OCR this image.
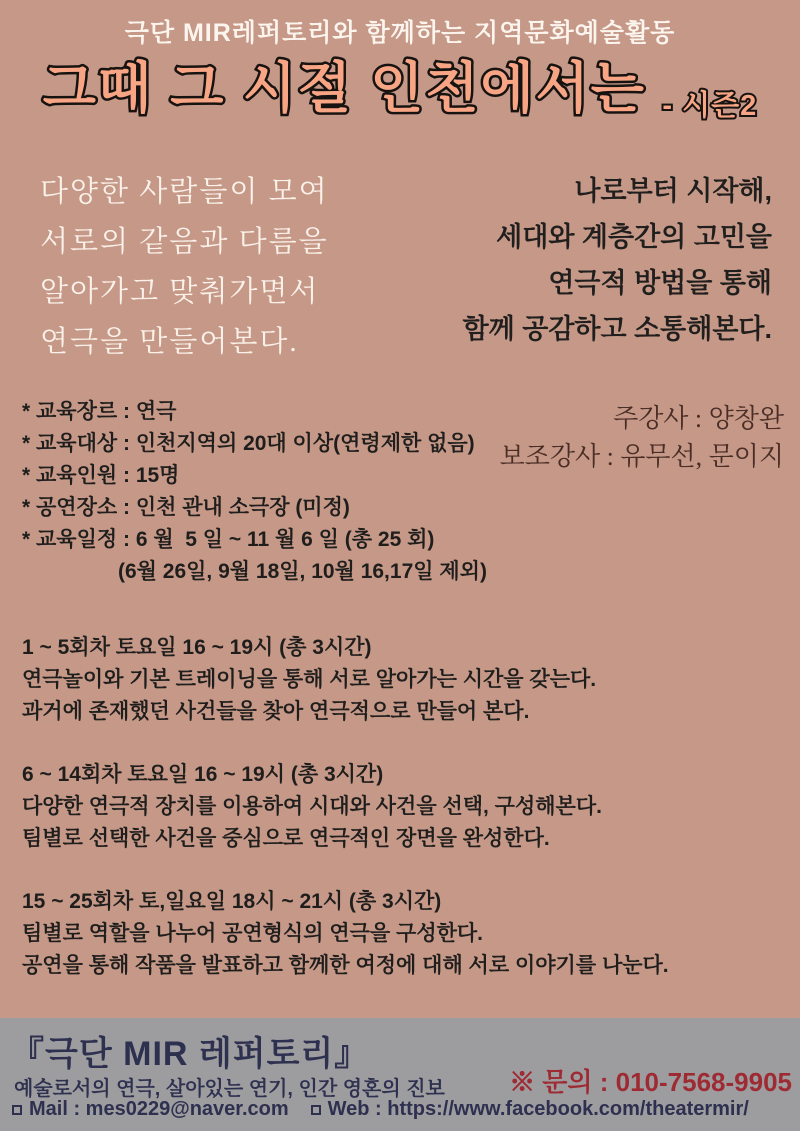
극단 MIR레퍼토리와 함께하는 지역문화예술활동
그때 그 시절 인천에서는 - 시즌2
다양한 사람들이 모여
서로의 같음과 다름을
알아가고 맞춰가면서
연극을 만들어본다.
나로부터 시작해,
세대와 계층간의 고민을
연극적 방법을 통해
함께 공감하고 소통해본다.
* 교육장르 : 연극
* 교육대상 : 인천지역의 20대 이상(연령제한 없음)
* 교육인원 : 15명
* 공연장소 : 인천 관내 소극장 (미정)
* 교육일정 : 6 월  5 일 ~ 11 월 6 일 (총 25 회)
(6월 26일, 9월 18일, 10월 16,17일 제외)
주강사 : 양창완
보조강사 : 유무선, 문이지
1 ~ 5회차 토요일 16 ~ 19시 (총 3시간)
연극놀이와 기본 트레이닝을 통해 서로 알아가는 시간을 갖는다.
과거에 존재했던 사건들을 찾아 연극적으로 만들어 본다.
6 ~ 14회차 토요일 16 ~ 19시 (총 3시간)
다양한 연극적 장치를 이용하여 시대와 사건을 선택, 구성해본다.
팀별로 선택한 사건을 중심으로 연극적인 장면을 완성한다.
15 ~ 25회차 토,일요일 18시 ~ 21시 (총 3시간)
팀별로 역할을 나누어 공연형식의 연극을 구성한다.
공연을 통해 작품을 발표하고 함께한 여정에 대해 서로 이야기를 나눈다.
『극단 MIR 레퍼토리』
예술로서의 연극, 살아있는 연기, 인간 영혼의 진보 ※ 문의 : 010-7568-9905
Mail : mes0229@naver.com Web : https://www.facebook.com/theatermir/
